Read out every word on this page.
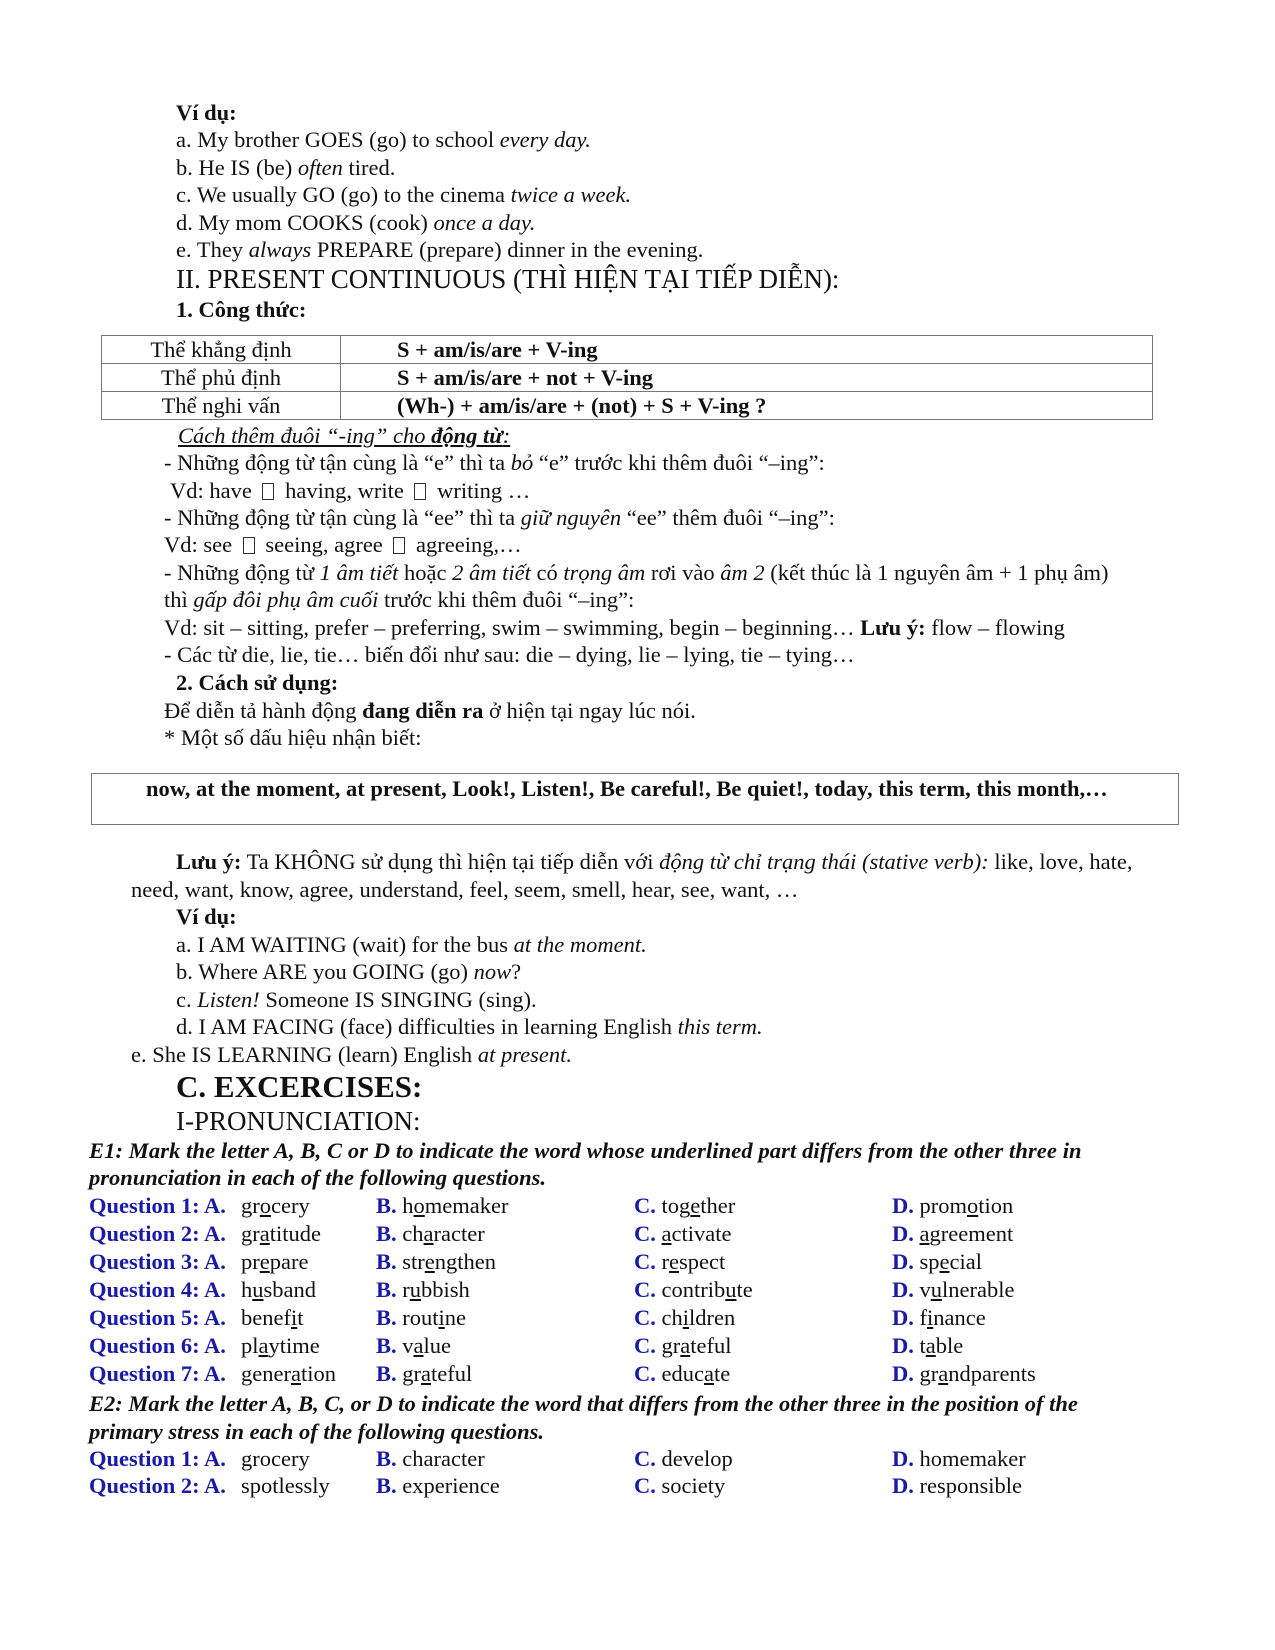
Ví dụ:
a. My brother GOES (go) to school every day.
b. He IS (be) often tired.
c. We usually GO (go) to the cinema twice a week.
d. My mom COOKS (cook) once a day.
e. They always PREPARE (prepare) dinner in the evening.
II. PRESENT CONTINUOUS (THÌ HIỆN TẠI TIẾP DIỄN):
1. Công thức:
Thể khẳng định	S + am/is/are + V-ing
Thể phủ định	S + am/is/are + not + V-ing
Thể nghi vấn	(Wh-) + am/is/are + (not) + S + V-ing ?
Cách thêm đuôi “-ing” cho động từ:
- Những động từ tận cùng là “e” thì ta bỏ “e” trước khi thêm đuôi “–ing”:
Vd: have  having, write  writing …
- Những động từ tận cùng là “ee” thì ta giữ nguyên “ee” thêm đuôi “–ing”:
Vd: see  seeing, agree  agreeing,…
- Những động từ 1 âm tiết hoặc 2 âm tiết có trọng âm rơi vào âm 2 (kết thúc là 1 nguyên âm + 1 phụ âm)
thì gấp đôi phụ âm cuối trước khi thêm đuôi “–ing”:
Vd: sit – sitting, prefer – preferring, swim – swimming, begin – beginning… Lưu ý: flow – flowing
- Các từ die, lie, tie… biến đổi như sau: die – dying, lie – lying, tie – tying…
2. Cách sử dụng:
Để diễn tả hành động đang diễn ra ở hiện tại ngay lúc nói.
* Một số dấu hiệu nhận biết:
now, at the moment, at present, Look!, Listen!, Be careful!, Be quiet!, today, this term, this month,…
Lưu ý: Ta KHÔNG sử dụng thì hiện tại tiếp diễn với động từ chỉ trạng thái (stative verb): like, love, hate,
need, want, know, agree, understand, feel, seem, smell, hear, see, want, …
Ví dụ:
a. I AM WAITING (wait) for the bus at the moment.
b. Where ARE you GOING (go) now?
c. Listen! Someone IS SINGING (sing).
d. I AM FACING (face) difficulties in learning English this term.
e. She IS LEARNING (learn) English at present.
C. EXCERCISES:
I-PRONUNCIATION:
E1: Mark the letter A, B, C or D to indicate the word whose underlined part differs from the other three in
pronunciation in each of the following questions.
Question 1: A. grocery	B. homemaker	C. together	D. promotion
Question 2: A. gratitude B. character	C. activate	D. agreement
Question 3: A. prepare	B. strengthen	C. respect	D. special
Question 4: A. husband	B. rubbish	C. contribute	D. vulnerable
Question 5: A. benefit	B. routine	C. children	D. finance
Question 6: A. playtime B. value	C. grateful	D. table
Question 7: A. generation B. grateful	C. educate	D. grandparents
E2: Mark the letter A, B, C, or D to indicate the word that differs from the other three in the position of the
primary stress in each of the following questions.
Question 1: A. grocery	B. character	C. develop	D. homemaker
Question 2: A. spotlessly B. experience	C. society	D. responsible
